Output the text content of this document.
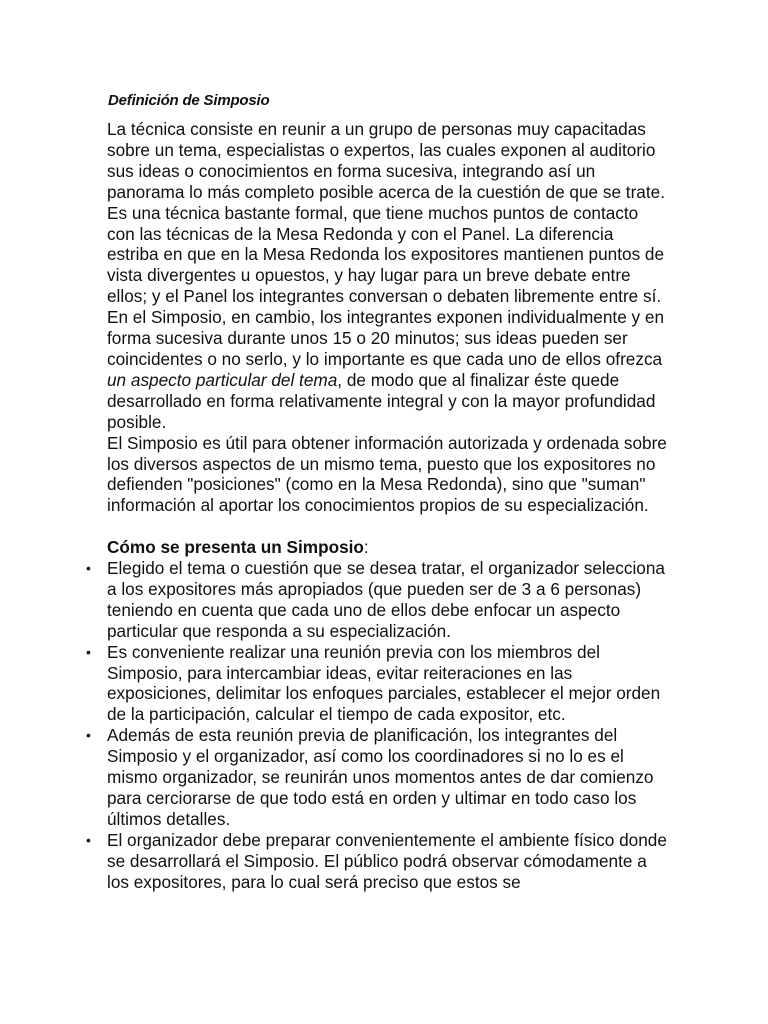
Definición de Simposio

La técnica consiste en reunir a un grupo de personas muy capacitadas sobre un tema, especialistas o expertos, las cuales exponen al auditorio sus ideas o conocimientos en forma sucesiva, integrando así un panorama lo más completo posible acerca de la cuestión de que se trate. Es una técnica bastante formal, que tiene muchos puntos de contacto con las técnicas de la Mesa Redonda y con el Panel. La diferencia estriba en que en la Mesa Redonda los expositores mantienen puntos de vista divergentes u opuestos, y hay lugar para un breve debate entre ellos; y el Panel los integrantes conversan o debaten libremente entre sí.

En el Simposio, en cambio, los integrantes exponen individualmente y en forma sucesiva durante unos 15 o 20 minutos; sus ideas pueden ser coincidentes o no serlo, y lo importante es que cada uno de ellos ofrezca un aspecto particular del tema, de modo que al finalizar éste quede desarrollado en forma relativamente integral y con la mayor profundidad posible.

El Simposio es útil para obtener información autorizada y ordenada sobre los diversos aspectos de un mismo tema, puesto que los expositores no defienden "posiciones" (como en la Mesa Redonda), sino que "suman" información al aportar los conocimientos propios de su especialización.

Cómo se presenta un Simposio:

• Elegido el tema o cuestión que se desea tratar, el organizador selecciona a los expositores más apropiados (que pueden ser de 3 a 6 personas) teniendo en cuenta que cada uno de ellos debe enfocar un aspecto particular que responda a su especialización.
• Es conveniente realizar una reunión previa con los miembros del Simposio, para intercambiar ideas, evitar reiteraciones en las exposiciones, delimitar los enfoques parciales, establecer el mejor orden de la participación, calcular el tiempo de cada expositor, etc.
• Además de esta reunión previa de planificación, los integrantes del Simposio y el organizador, así como los coordinadores si no lo es el mismo organizador, se reunirán unos momentos antes de dar comienzo para cerciorarse de que todo está en orden y ultimar en todo caso los últimos detalles.
• El organizador debe preparar convenientemente el ambiente físico donde se desarrollará el Simposio. El público podrá observar cómodamente a los expositores, para lo cual será preciso que estos se
